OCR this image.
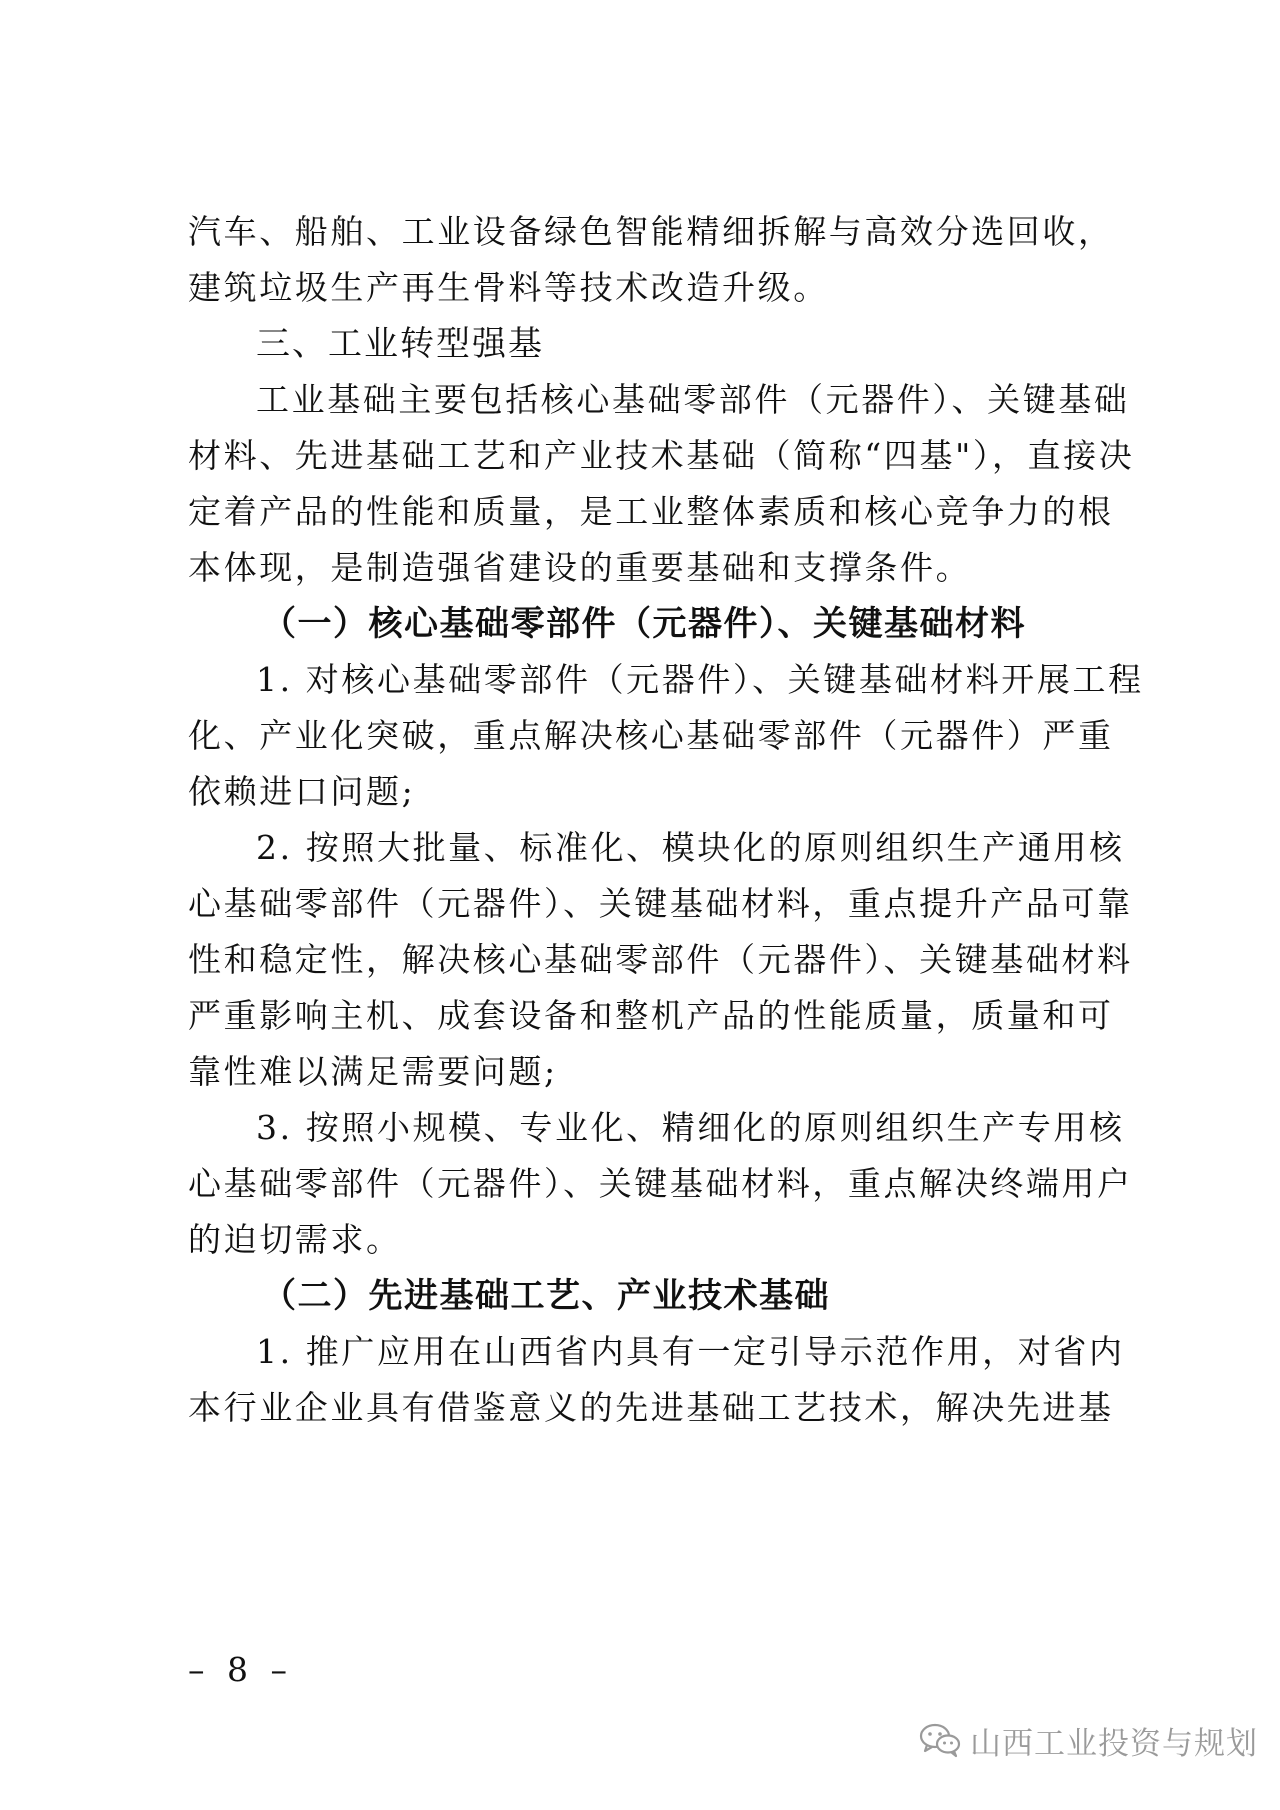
汽车、船舶、工业设备绿色智能精细拆解与高效分选回收，
建筑垃圾生产再生骨料等技术改造升级。
三、工业转型强基
工业基础主要包括核心基础零部件（元器件）、关键基础
材料、先进基础工艺和产业技术基础（简称“四基"），直接决
定着产品的性能和质量，是工业整体素质和核心竞争力的根
本体现，是制造强省建设的重要基础和支撑条件。
（一）核心基础零部件（元器件）、关键基础材料
1. 对核心基础零部件（元器件）、关键基础材料开展工程
化、产业化突破，重点解决核心基础零部件（元器件）严重
依赖进口问题;
2. 按照大批量、标准化、模块化的原则组织生产通用核
心基础零部件（元器件）、关键基础材料，重点提升产品可靠
性和稳定性，解决核心基础零部件（元器件）、关键基础材料
严重影响主机、成套设备和整机产品的性能质量，质量和可
靠性难以满足需要问题;
3. 按照小规模、专业化、精细化的原则组织生产专用核
心基础零部件（元器件）、关键基础材料，重点解决终端用户
的迫切需求。
（二）先进基础工艺、产业技术基础
1. 推广应用在山西省内具有一定引导示范作用，对省内
本行业企业具有借鉴意义的先进基础工艺技术，解决先进基
– 8 –
山西工业投资与规划
